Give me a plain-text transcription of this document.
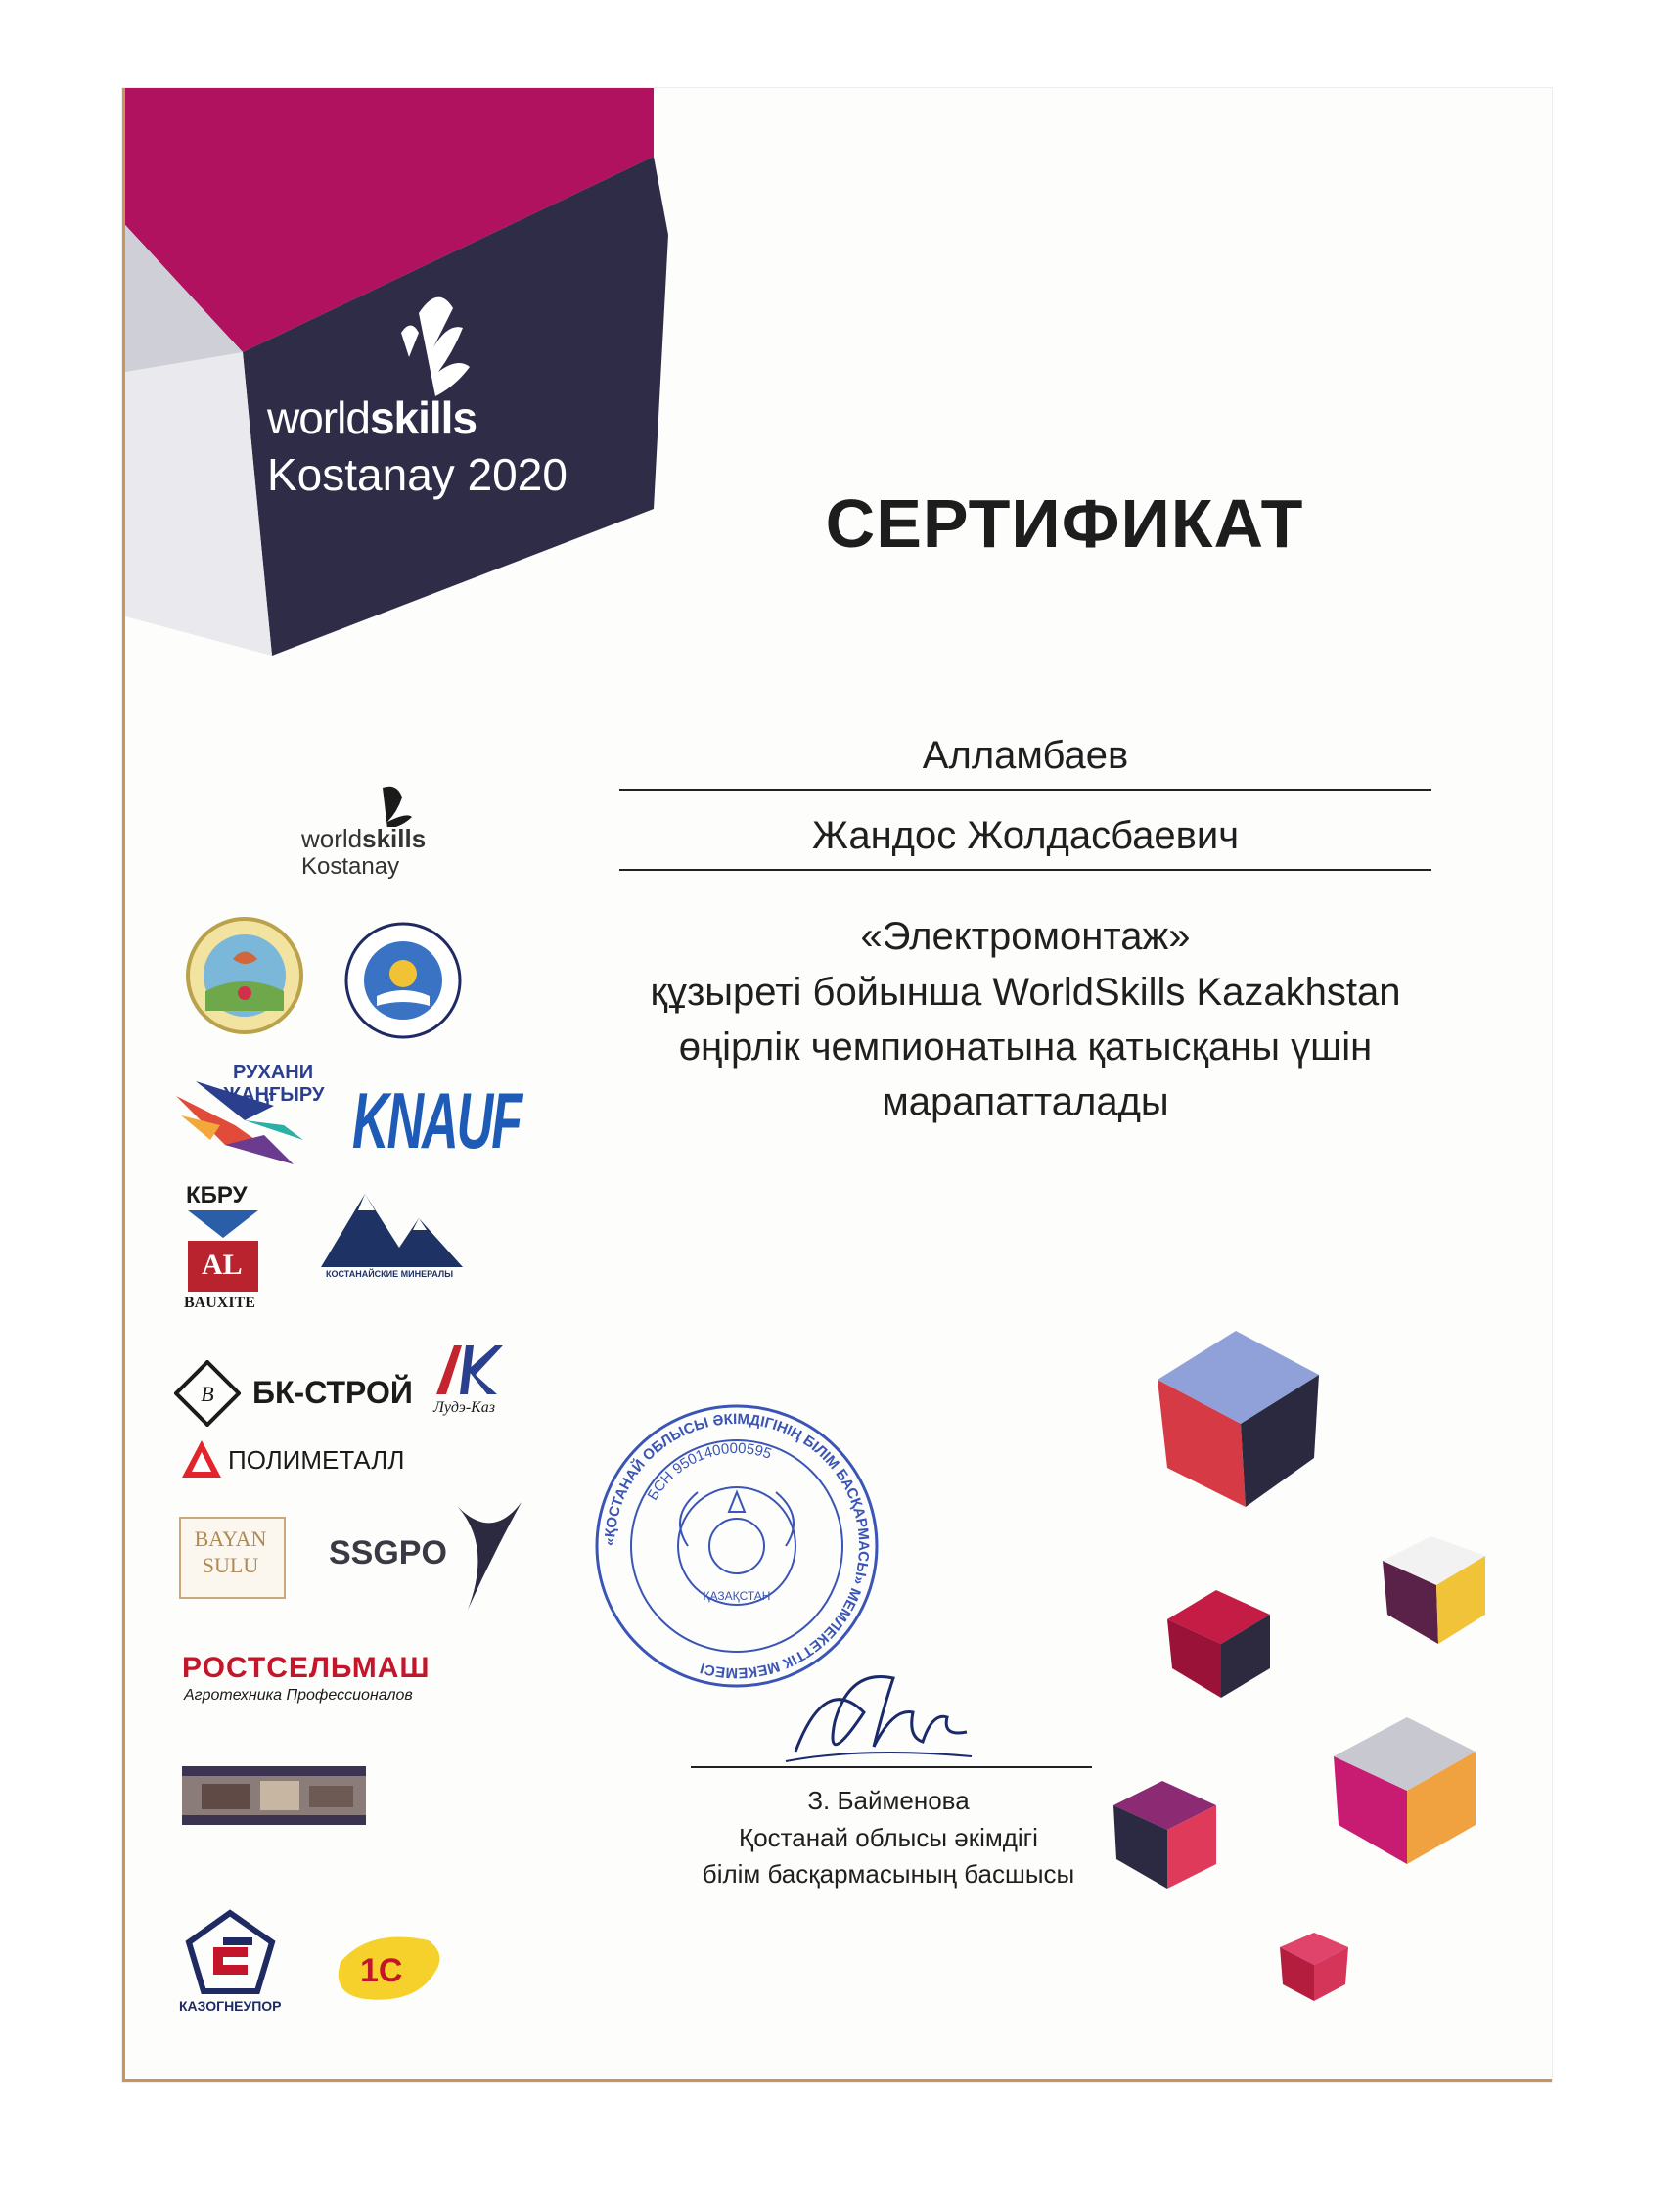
worldskills
Kostanay 2020
СЕРТИФИКАТ
Алламбаев
Жандос Жолдасбаевич
«Электромонтаж»
құзыреті бойынша WorldSkills Kazakhstan
өңірлік чемпионатына қатысқаны үшін
марапатталады
«ҚОСТАНАЙ ОБЛЫСЫ ӘКІМДІГІНІҢ БІЛІМ БАСҚАРМАСЫ» МЕМЛЕКЕТТІК МЕКЕМЕСІ
БСН 950140000595
ҚАЗАҚСТАН
З. Байменова
Қостанай облысы әкімдігі
білім басқармасының басшысы
worldskills
Kostanay
РУХАНИ
ЖАҢҒЫРУ KNAUF
КБРУ
AL
BAUXITE
КОСТАНАЙСКИЕ МИНЕРАЛЫ
B БК-СТРОЙ Лудэ-Каз
ПОЛИМЕТАЛЛ
BAYAN
SULU	SSGPO
РОСТСЕЛЬМАШ
Агротехника Профессионалов
КАЗОГНЕУПОР
1С
